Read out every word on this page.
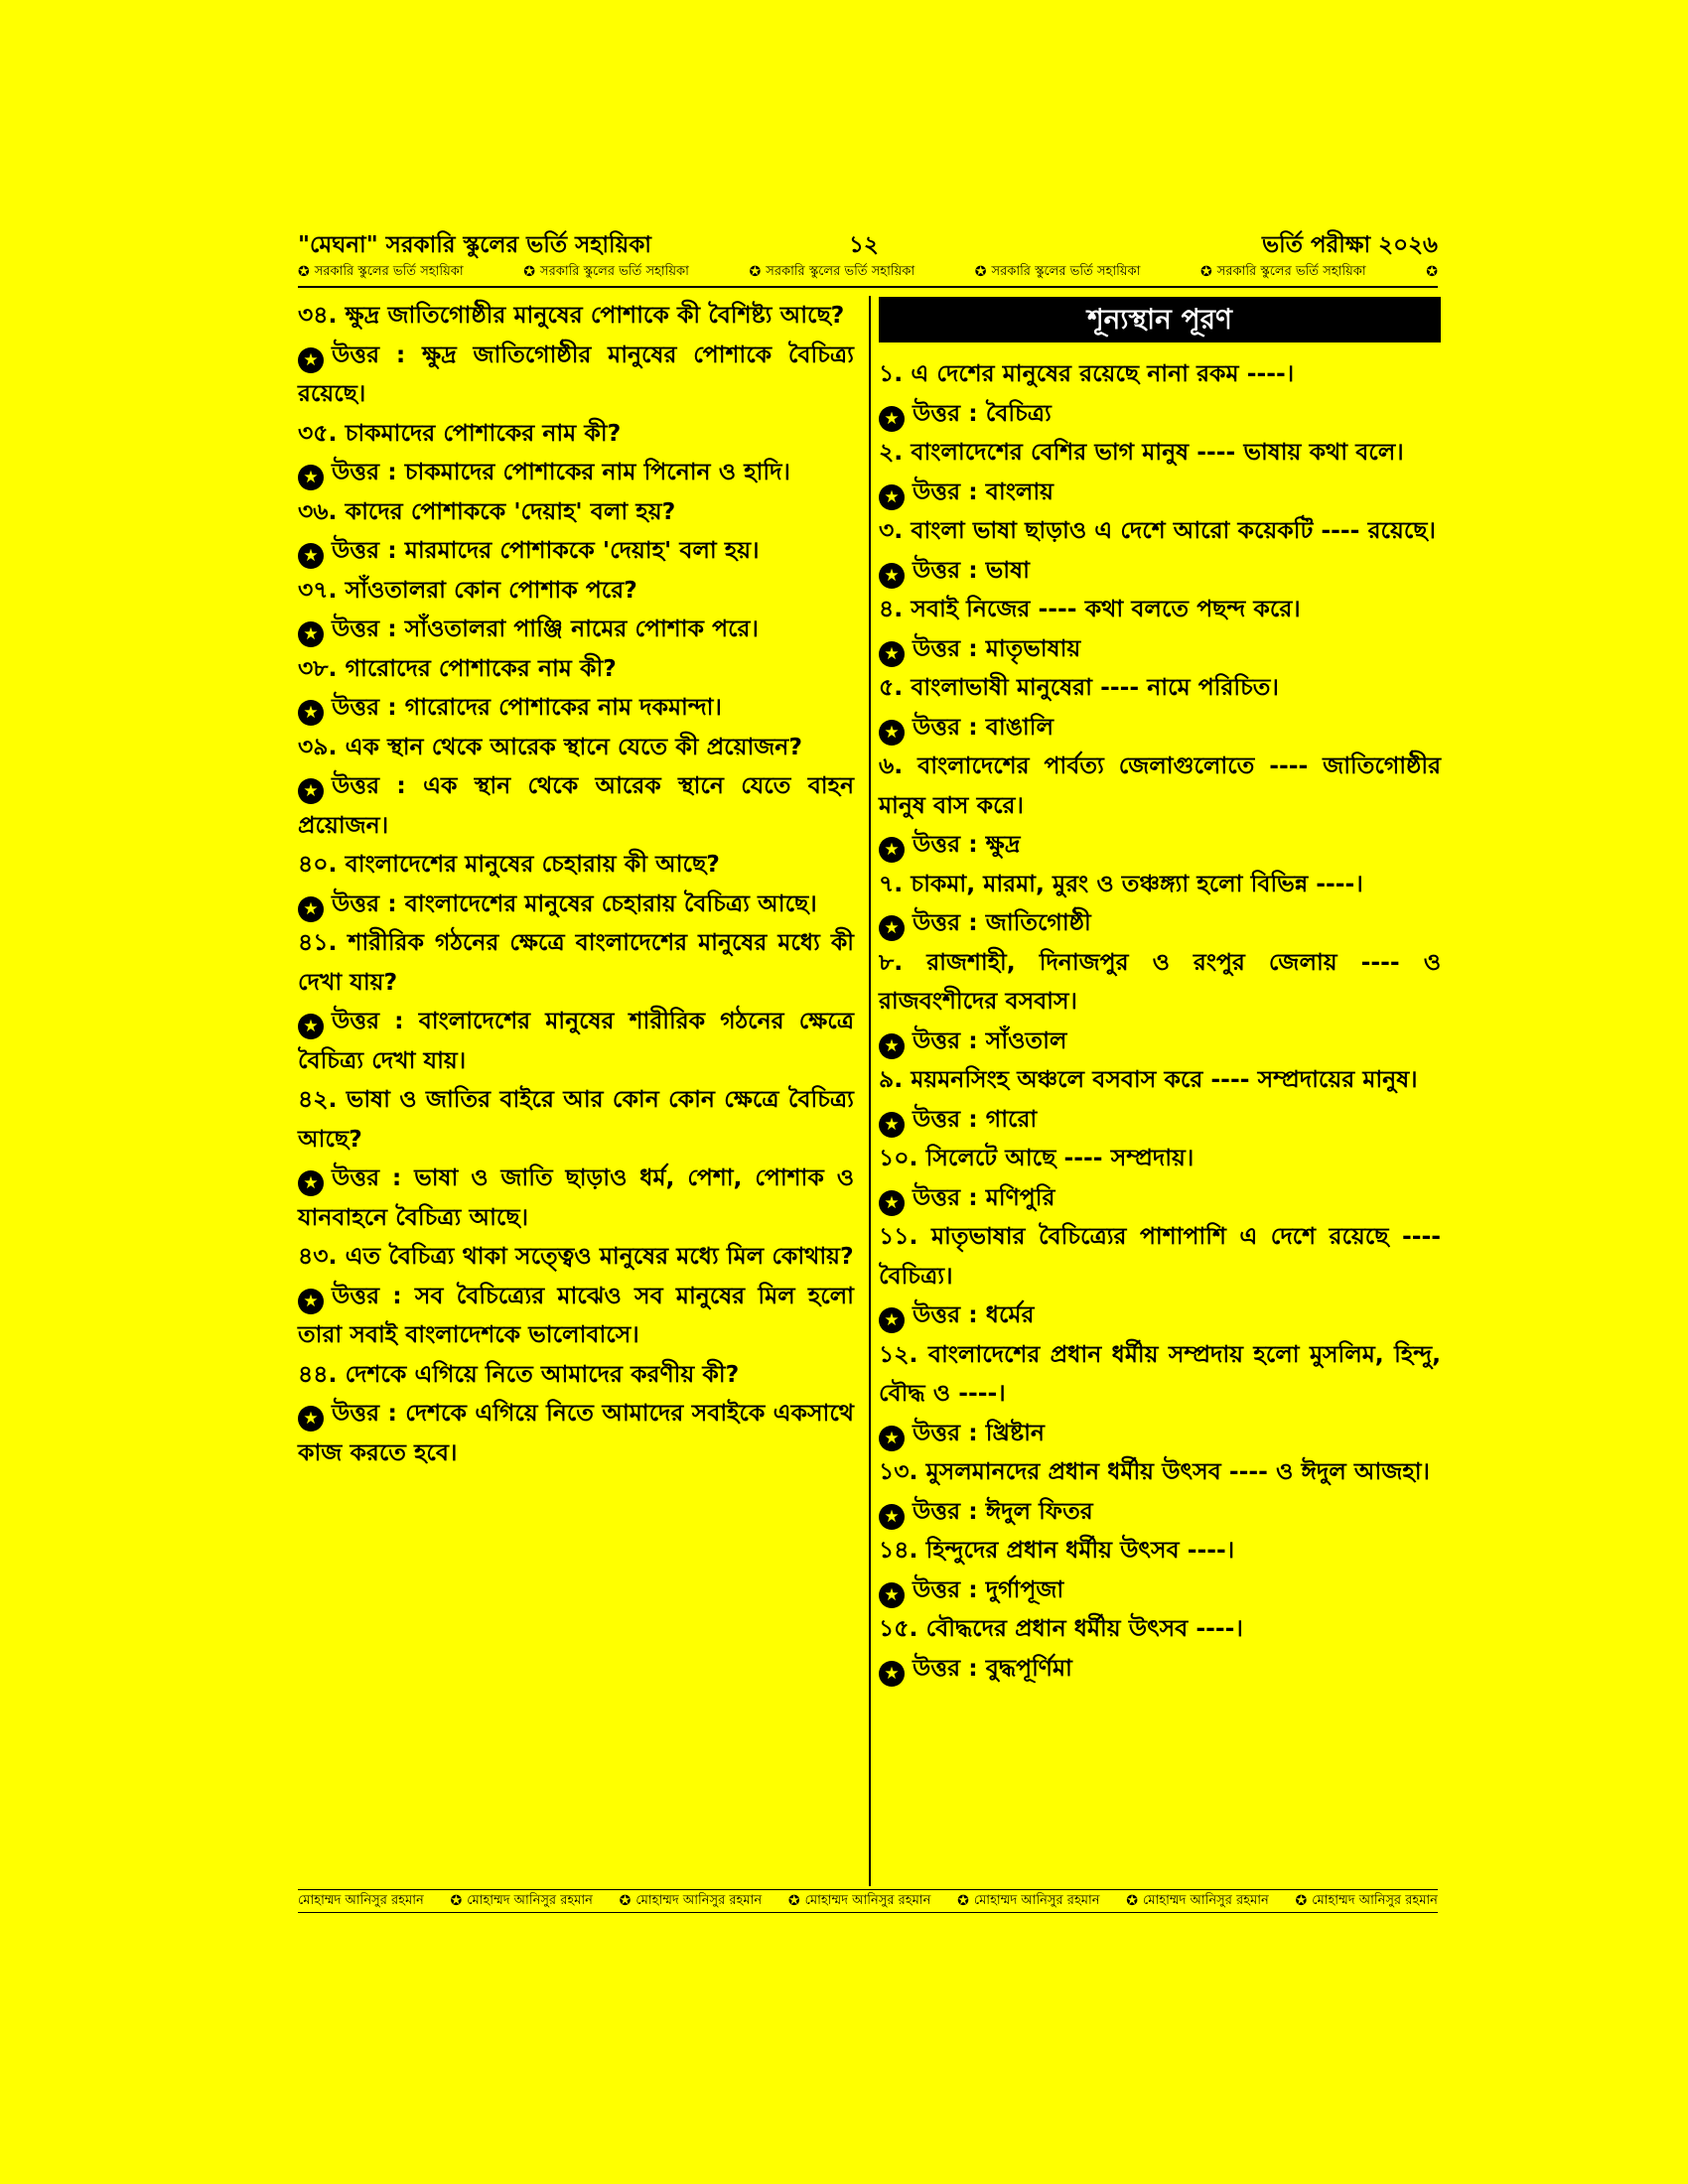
"মেঘনা" সরকারি স্কুলের ভর্তি সহায়িকা	১২	ভর্তি পরীক্ষা ২০২৬
✪ সরকারি স্কুলের ভর্তি সহায়িকা	✪ সরকারি স্কুলের ভর্তি সহায়িকা	✪ সরকারি স্কুলের ভর্তি সহায়িকা	✪ সরকারি স্কুলের ভর্তি সহায়িকা	✪ সরকারি স্কুলের ভর্তি সহায়িকা	✪

৩৪. ক্ষুদ্র জাতিগোষ্ঠীর মানুষের পোশাকে কী বৈশিষ্ট্য আছে?

★ উত্তর : ক্ষুদ্র জাতিগোষ্ঠীর মানুষের পোশাকে বৈচিত্র্য রয়েছে।

৩৫. চাকমাদের পোশাকের নাম কী?

★ উত্তর : চাকমাদের পোশাকের নাম পিনোন ও হাদি।

৩৬. কাদের পোশাককে 'দেয়াহ' বলা হয়?

★ উত্তর : মারমাদের পোশাককে 'দেয়াহ' বলা হয়।

৩৭. সাঁওতালরা কোন পোশাক পরে?

★ উত্তর : সাঁওতালরা পাঞ্জি নামের পোশাক পরে।

৩৮. গারোদের পোশাকের নাম কী?

★ উত্তর : গারোদের পোশাকের নাম দকমান্দা।

৩৯. এক স্থান থেকে আরেক স্থানে যেতে কী প্রয়োজন?

★ উত্তর : এক স্থান থেকে আরেক স্থানে যেতে বাহন প্রয়োজন।

৪০. বাংলাদেশের মানুষের চেহারায় কী আছে?

★ উত্তর : বাংলাদেশের মানুষের চেহারায় বৈচিত্র্য আছে।

৪১. শারীরিক গঠনের ক্ষেত্রে বাংলাদেশের মানুষের মধ্যে কী দেখা যায়?

★ উত্তর : বাংলাদেশের মানুষের শারীরিক গঠনের ক্ষেত্রে বৈচিত্র্য দেখা যায়।

৪২. ভাষা ও জাতির বাইরে আর কোন কোন ক্ষেত্রে বৈচিত্র্য আছে?

★ উত্তর : ভাষা ও জাতি ছাড়াও ধর্ম, পেশা, পোশাক ও যানবাহনে বৈচিত্র্য আছে।

৪৩. এত বৈচিত্র্য থাকা সত্ত্বেও মানুষের মধ্যে মিল কোথায়?

★ উত্তর : সব বৈচিত্র্যের মাঝেও সব মানুষের মিল হলো তারা সবাই বাংলাদেশকে ভালোবাসে।

৪৪. দেশকে এগিয়ে নিতে আমাদের করণীয় কী?

★ উত্তর : দেশকে এগিয়ে নিতে আমাদের সবাইকে একসাথে কাজ করতে হবে।

শূন্যস্থান পূরণ

১. এ দেশের মানুষের রয়েছে নানা রকম ----।

★ উত্তর : বৈচিত্র্য

২. বাংলাদেশের বেশির ভাগ মানুষ ---- ভাষায় কথা বলে।

★ উত্তর : বাংলায়

৩. বাংলা ভাষা ছাড়াও এ দেশে আরো কয়েকটি ---- রয়েছে।

★ উত্তর : ভাষা

৪. সবাই নিজের ---- কথা বলতে পছন্দ করে।

★ উত্তর : মাতৃভাষায়

৫. বাংলাভাষী মানুষেরা ---- নামে পরিচিত।

★ উত্তর : বাঙালি

৬. বাংলাদেশের পার্বত্য জেলাগুলোতে ---- জাতিগোষ্ঠীর মানুষ বাস করে।

★ উত্তর : ক্ষুদ্র

৭. চাকমা, মারমা, মুরং ও তঞ্চঙ্গ্যা হলো বিভিন্ন ----।

★ উত্তর : জাতিগোষ্ঠী

৮. রাজশাহী, দিনাজপুর ও রংপুর জেলায় ---- ও রাজবংশীদের বসবাস।

★ উত্তর : সাঁওতাল

৯. ময়মনসিংহ অঞ্চলে বসবাস করে ---- সম্প্রদায়ের মানুষ।

★ উত্তর : গারো

১০. সিলেটে আছে ---- সম্প্রদায়।

★ উত্তর : মণিপুরি

১১. মাতৃভাষার বৈচিত্র্যের পাশাপাশি এ দেশে রয়েছে ---- বৈচিত্র্য।

★ উত্তর : ধর্মের

১২. বাংলাদেশের প্রধান ধর্মীয় সম্প্রদায় হলো মুসলিম, হিন্দু, বৌদ্ধ ও ----।

★ উত্তর : খ্রিষ্টান

১৩. মুসলমানদের প্রধান ধর্মীয় উৎসব ---- ও ঈদুল আজহা।

★ উত্তর : ঈদুল ফিতর

১৪. হিন্দুদের প্রধান ধর্মীয় উৎসব ----।

★ উত্তর : দুর্গাপূজা

১৫. বৌদ্ধদের প্রধান ধর্মীয় উৎসব ----।

★ উত্তর : বুদ্ধপূর্ণিমা

মোহাম্মদ আনিসুর রহমান ✪ মোহাম্মদ আনিসুর রহমান ✪ মোহাম্মদ আনিসুর রহমান ✪ মোহাম্মদ আনিসুর রহমান ✪ মোহাম্মদ আনিসুর রহমান ✪ মোহাম্মদ আনিসুর রহমান ✪ মোহাম্মদ আনিসুর রহমান
